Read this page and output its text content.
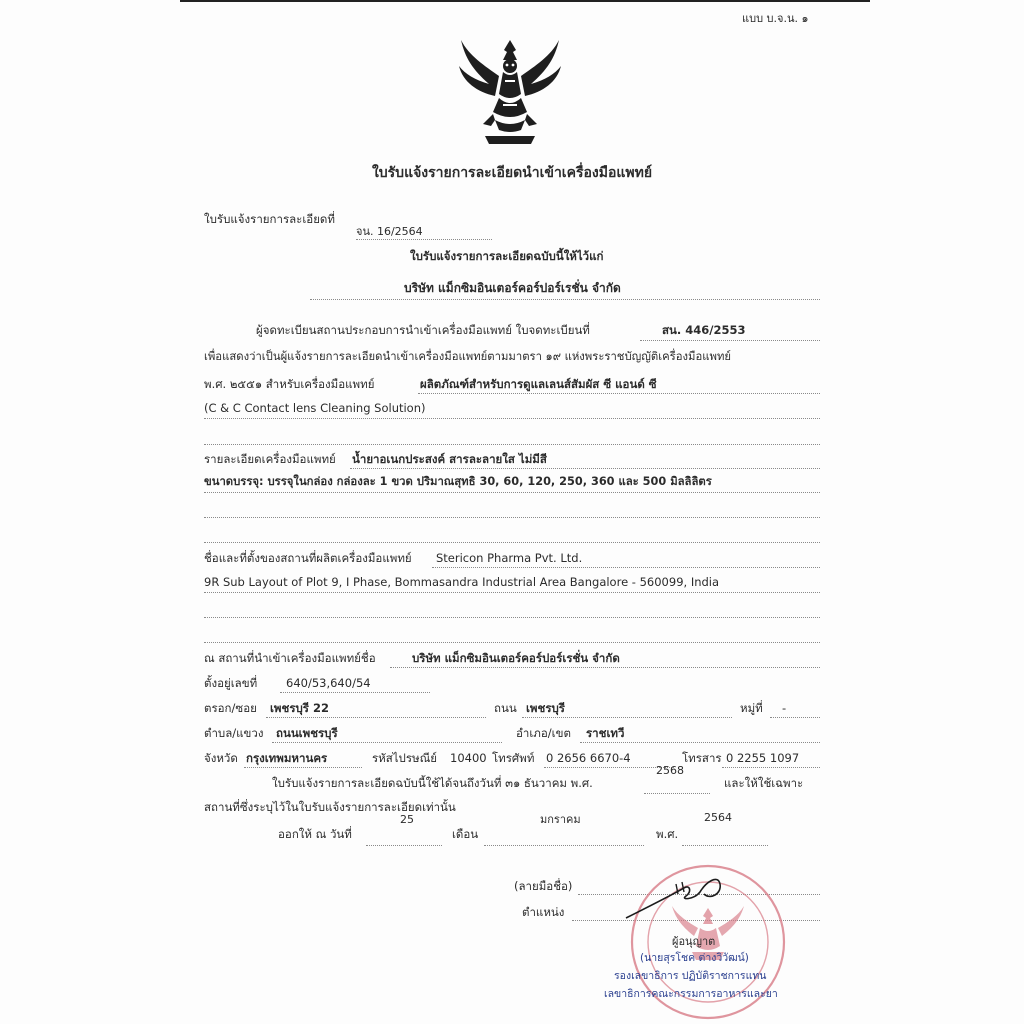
แบบ บ.จ.น. ๑
ใบรับแจ้งรายการละเอียดนำเข้าเครื่องมือแพทย์
ใบรับแจ้งรายการละเอียดที่
จน. 16/2564
ใบรับแจ้งรายการละเอียดฉบับนี้ให้ไว้แก่
บริษัท แม็กซิมอินเตอร์คอร์ปอร์เรชั่น จำกัด
ผู้จดทะเบียนสถานประกอบการนำเข้าเครื่องมือแพทย์ ใบจดทะเบียนที่	สน. 446/2553
เพื่อแสดงว่าเป็นผู้แจ้งรายการละเอียดนำเข้าเครื่องมือแพทย์ตามมาตรา ๑๙ แห่งพระราชบัญญัติเครื่องมือแพทย์
พ.ศ. ๒๕๕๑ สำหรับเครื่องมือแพทย์	ผลิตภัณฑ์สำหรับการดูแลเลนส์สัมผัส ซี แอนด์ ซี
(C & C Contact lens Cleaning Solution)
รายละเอียดเครื่องมือแพทย์ น้ำยาอเนกประสงค์ สารละลายใส ไม่มีสี
ขนาดบรรจุ: บรรจุในกล่อง กล่องละ 1 ขวด ปริมาณสุทธิ 30, 60, 120, 250, 360 และ 500 มิลลิลิตร
ชื่อและที่ตั้งของสถานที่ผลิตเครื่องมือแพทย์ Stericon Pharma Pvt. Ltd.
9R Sub Layout of Plot 9, I Phase, Bommasandra Industrial Area Bangalore - 560099, India
ณ สถานที่นำเข้าเครื่องมือแพทย์ชื่อ	บริษัท แม็กซิมอินเตอร์คอร์ปอร์เรชั่น จำกัด
ตั้งอยู่เลขที่	640/53,640/54
ตรอก/ซอย เพชรบุรี 22	ถนน เพชรบุรี	หมู่ที่ -
ตำบล/แขวง ถนนเพชรบุรี	อำเภอ/เขต ราชเทวี
จังหวัด กรุงเทพมหานคร	รหัสไปรษณีย์ 10400 โทรศัพท์ 0 2656 6670-4	โทรสาร 0 2255 1097
ใบรับแจ้งรายการละเอียดฉบับนี้ใช้ได้จนถึงวันที่ ๓๑ ธันวาคม พ.ศ.
2568
และให้ใช้เฉพาะ
สถานที่ซึ่งระบุไว้ในใบรับแจ้งรายการละเอียดเท่านั้น
ออกให้ ณ วันที่
25
เดือน
มกราคม
พ.ศ.
2564
(ลายมือชื่อ)
ตำแหน่ง
ผู้อนุญาต
(นายสุรโชค ต่างวิวัฒน์)
รองเลขาธิการ ปฏิบัติราชการแทน
เลขาธิการคณะกรรมการอาหารและยา
